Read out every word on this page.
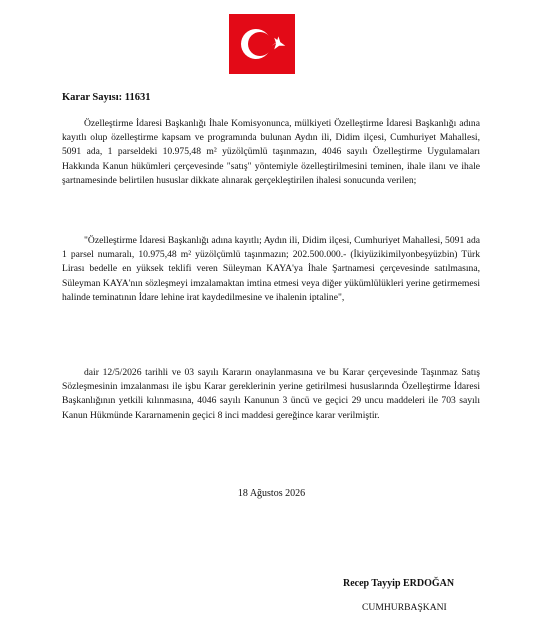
Karar Sayısı: 11631

Özelleştirme İdaresi Başkanlığı İhale Komisyonunca, mülkiyeti Özelleştirme İdaresi Başkanlığı adına kayıtlı olup özelleştirme kapsam ve programında bulunan Aydın ili, Didim ilçesi, Cumhuriyet Mahallesi, 5091 ada, 1 parseldeki 10.975,48 m² yüzölçümlü taşınmazın, 4046 sayılı Özelleştirme Uygulamaları Hakkında Kanun hükümleri çerçevesinde "satış" yöntemiyle özelleştirilmesini teminen, ihale ilanı ve ihale şartnamesinde belirtilen hususlar dikkate alınarak gerçekleştirilen ihalesi sonucunda verilen;

"Özelleştirme İdaresi Başkanlığı adına kayıtlı; Aydın ili, Didim ilçesi, Cumhuriyet Mahallesi, 5091 ada 1 parsel numaralı, 10.975,48 m² yüzölçümlü taşınmazın; 202.500.000.- (İkiyüzikimilyonbeşyüzbin) Türk Lirası bedelle en yüksek teklifi veren Süleyman KAYA'ya İhale Şartnamesi çerçevesinde satılmasına, Süleyman KAYA'nın sözleşmeyi imzalamaktan imtina etmesi veya diğer yükümlülükleri yerine getirmemesi halinde teminatının İdare lehine irat kaydedilmesine ve ihalenin iptaline",

dair 12/5/2026 tarihli ve 03 sayılı Kararın onaylanmasına ve bu Karar çerçevesinde Taşınmaz Satış Sözleşmesinin imzalanması ile işbu Karar gereklerinin yerine getirilmesi hususlarında Özelleştirme İdaresi Başkanlığının yetkili kılınmasına, 4046 sayılı Kanunun 3 üncü ve geçici 29 uncu maddeleri ile 703 sayılı Kanun Hükmünde Kararnamenin geçici 8 inci maddesi gereğince karar verilmiştir.

18 Ağustos 2026
Recep Tayyip ERDOĞAN
CUMHURBAŞKANI
